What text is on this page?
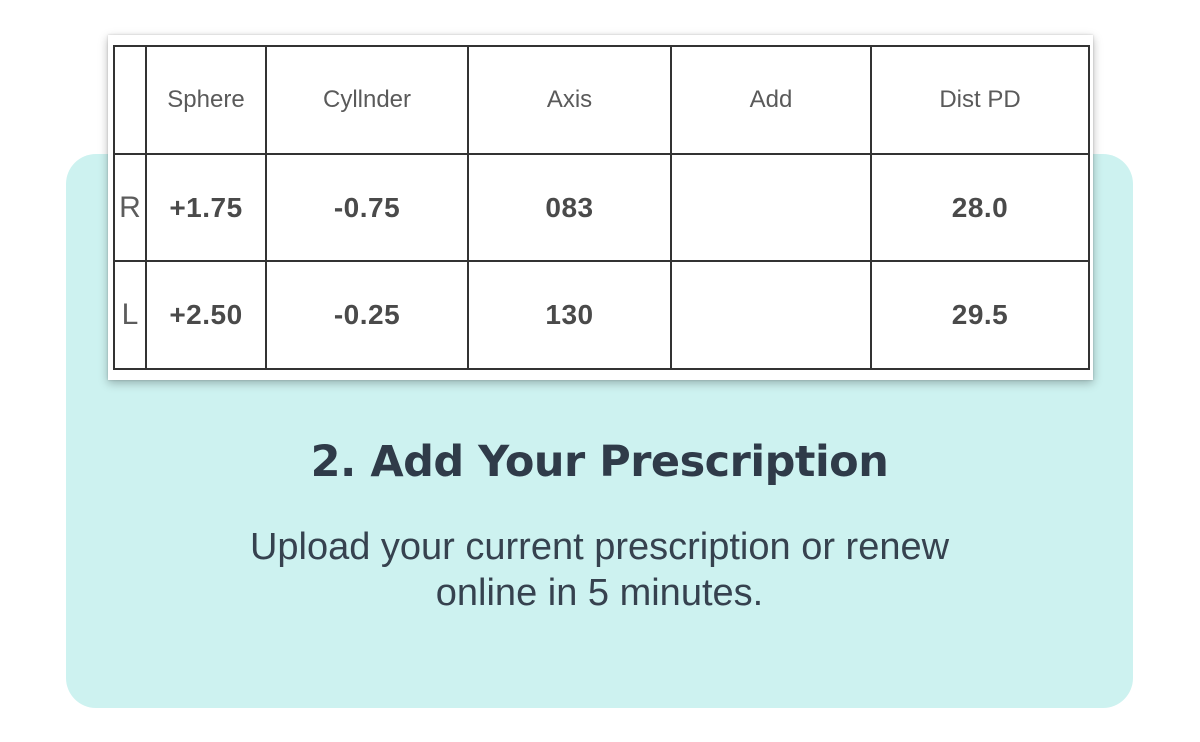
2. Add Your Prescription
Upload your current prescription or renew
online in 5 minutes.
	Sphere	Cyllnder	Axis	Add	Dist PD
R	+1.75	-0.75	083		28.0
L	+2.50	-0.25	130		29.5
